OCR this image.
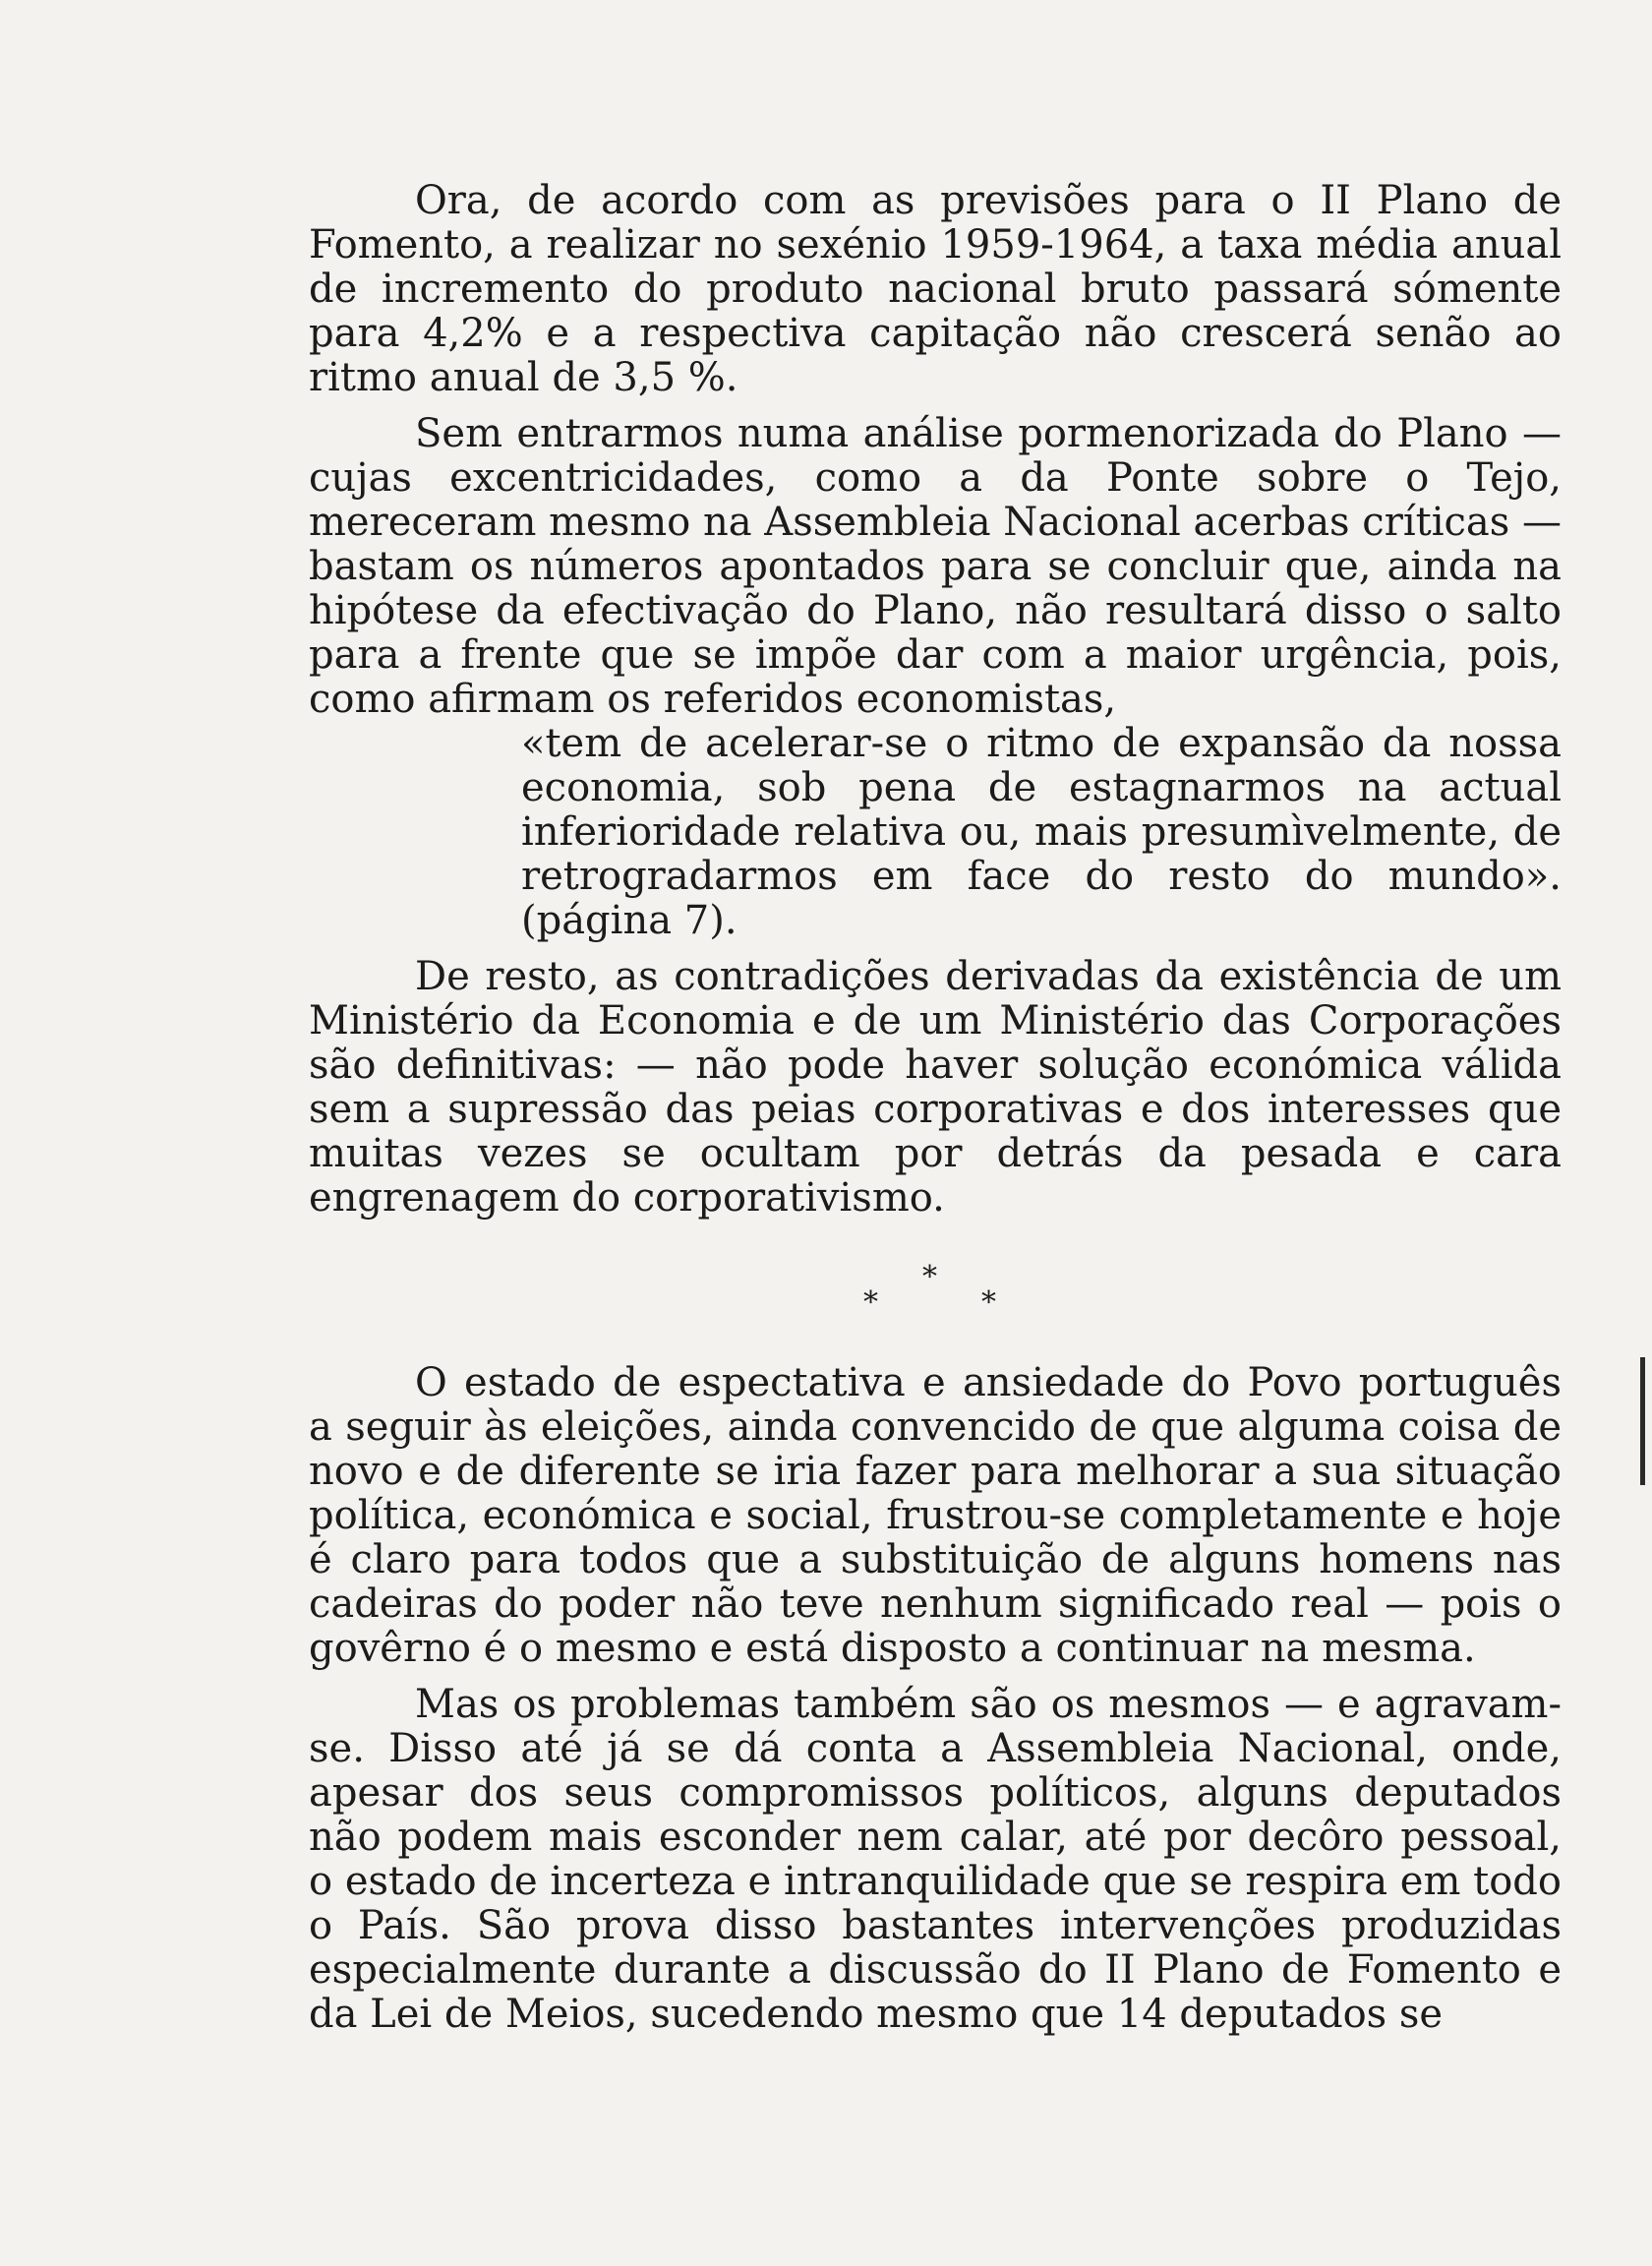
Ora, de acordo com as previsões para o II Plano de Fomento, a realizar no sexénio 1959-1964, a taxa média anual de incremento do produto nacional bruto passará sómente para 4,2% e a respectiva capitação não crescerá senão ao ritmo anual de 3,5 %.

Sem entrarmos numa análise pormenorizada do Plano — cujas excentricidades, como a da Ponte sobre o Tejo, mereceram mesmo na Assembleia Nacional acerbas críticas — bastam os números apontados para se concluir que, ainda na hipótese da efectivação do Plano, não resultará disso o salto para a frente que se impõe dar com a maior urgência, pois, como afirmam os referidos economistas,

«tem de acelerar-se o ritmo de expansão da nossa economia, sob pena de estagnarmos na actual inferioridade relativa ou, mais presumìvelmente, de retrogradarmos em face do resto do mundo». (página 7).

De resto, as contradições derivadas da existência de um Ministério da Economia e de um Ministério das Corporações são definitivas: — não pode haver solução económica válida sem a supressão das peias corporativas e dos interesses que muitas vezes se ocultam por detrás da pesada e cara engrenagem do corporativismo.

*
*	*

O estado de espectativa e ansiedade do Povo português a seguir às eleições, ainda convencido de que alguma coisa de novo e de diferente se iria fazer para melhorar a sua situação política, económica e social, frustrou-se completamente e hoje é claro para todos que a substituição de alguns homens nas cadeiras do poder não teve nenhum significado real — pois o govêrno é o mesmo e está disposto a continuar na mesma.

Mas os problemas também são os mesmos — e agravam-se. Disso até já se dá conta a Assembleia Nacional, onde, apesar dos seus compromissos políticos, alguns deputados não podem mais esconder nem calar, até por decôro pessoal, o estado de incerteza e intranquilidade que se respira em todo o País. São prova disso bastantes intervenções produzidas especialmente durante a discussão do II Plano de Fomento e da Lei de Meios, sucedendo mesmo que 14 deputados se
